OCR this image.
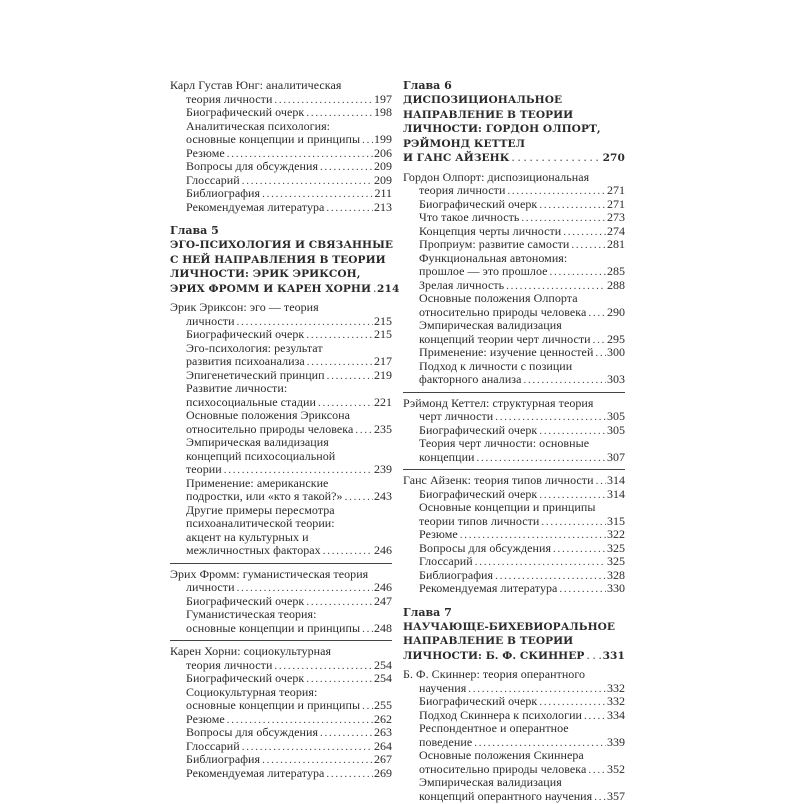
Карл Густав Юнг: аналитическая
теория личности . . .	197
Биографический очерк . . .	198
Аналитическая психология:
основные концепции и принципы . . . 199
Резюме . . .	206
Вопросы для обсуждения . . .	209
Глоссарий . . .	209
Библиография . . .	211
Рекомендуемая литература . . .	213
Глава 5
ЭГО-ПСИХОЛОГИЯ И СВЯЗАННЫЕ
С НЕЙ НАПРАВЛЕНИЯ В ТЕОРИИ
ЛИЧНОСТИ: ЭРИК ЭРИКСОН,
ЭРИХ ФРОММ И КАРЕН ХОРНИ . . . 214
Эрик Эриксон: эго — теория
личности . . .	215
Биографический очерк . . .	215
Эго-психология: результат
развития психоанализа . . .	217
Эпигенетический принцип . . .	219
Развитие личности:
психосоциальные стадии . . .	221
Основные положения Эриксона
относительно природы человека . . . 235
Эмпирическая валидизация
концепций психосоциальной
теории . . .	239
Применение: американские
подростки, или «кто я такой?» . . .	243
Другие примеры пересмотра
психоаналитической теории:
акцент на культурных и
межличностных факторах . . .	246
Эрих Фромм: гуманистическая теория
личности . . .	246
Биографический очерк . . .	247
Гуманистическая теория:
основные концепции и принципы . . . 248
Карен Хорни: социокультурная
теория личности . . .	254
Биографический очерк . . .	254
Социокультурная теория:
основные концепции и принципы . . . 255
Резюме . . .	262
Вопросы для обсуждения . . .	263
Глоссарий . . .	264
Библиография . . .	267
Рекомендуемая литература . . .	269
Глава 6
ДИСПОЗИЦИОНАЛЬНОЕ
НАПРАВЛЕНИЕ В ТЕОРИИ
ЛИЧНОСТИ: ГОРДОН ОЛПОРТ,
РЭЙМОНД КЕТТЕЛ
И ГАНС АЙЗЕНК . . .	270
Гордон Олпорт: диспозициональная
теория личности . . .	271
Биографический очерк . . .	271
Что такое личность . . .	273
Концепция черты личности . . .	274
Проприум: развитие самости . . .	281
Функциональная автономия:
прошлое — это прошлое . . .	285
Зрелая личность . . .	288
Основные положения Олпорта
относительно природы человека . . . 290
Эмпирическая валидизация
концепций теории черт личности . . . 295
Применение: изучение ценностей . . . 300
Подход к личности с позиции
факторного анализа . . .	303
Рэймонд Кеттел: структурная теория
черт личности . . .	305
Биографический очерк . . .	305
Теория черт личности: основные
концепции . . .	307
Ганс Айзенк: теория типов личности . . . 314
Биографический очерк . . .	314
Основные концепции и принципы
теории типов личности . . .	315
Резюме . . .	322
Вопросы для обсуждения . . .	325
Глоссарий . . .	325
Библиография . . .	328
Рекомендуемая литература . . .	330
Глава 7
НАУЧАЮЩЕ-БИХЕВИОРАЛЬНОЕ
НАПРАВЛЕНИЕ В ТЕОРИИ
ЛИЧНОСТИ: Б. Ф. СКИННЕР . . . 331
Б. Ф. Скиннер: теория оперантного
научения . . .	332
Биографический очерк . . .	332
Подход Скиннера к психологии . . . 334
Респондентное и оперантное
поведение . . .	339
Основные положения Скиннера
относительно природы человека . . . 352
Эмпирическая валидизация
концепций оперантного научения . . . 357
